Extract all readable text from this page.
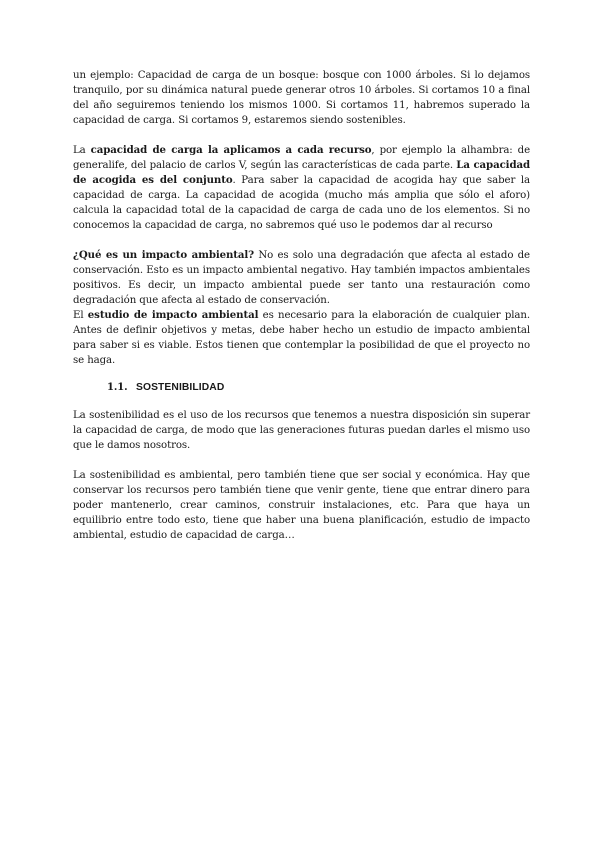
un ejemplo: Capacidad de carga de un bosque: bosque con 1000 árboles. Si lo dejamos tranquilo, por su dinámica natural puede generar otros 10 árboles. Si cortamos 10 a final del año seguiremos teniendo los mismos 1000. Si cortamos 11, habremos superado la capacidad de carga. Si cortamos 9, estaremos siendo sostenibles.

La capacidad de carga la aplicamos a cada recurso, por ejemplo la alhambra: de generalife, del palacio de carlos V, según las características de cada parte. La capacidad de acogida es del conjunto. Para saber la capacidad de acogida hay que saber la capacidad de carga. La capacidad de acogida (mucho más amplia que sólo el aforo) calcula la capacidad total de la capacidad de carga de cada uno de los elementos. Si no conocemos la capacidad de carga, no sabremos qué uso le podemos dar al recurso

¿Qué es un impacto ambiental? No es solo una degradación que afecta al estado de conservación. Esto es un impacto ambiental negativo. Hay también impactos ambientales positivos. Es decir, un impacto ambiental puede ser tanto una restauración como degradación que afecta al estado de conservación.

El estudio de impacto ambiental es necesario para la elaboración de cualquier plan. Antes de definir objetivos y metas, debe haber hecho un estudio de impacto ambiental para saber si es viable. Estos tienen que contemplar la posibilidad de que el proyecto no se haga.

1.1. SOSTENIBILIDAD

La sostenibilidad es el uso de los recursos que tenemos a nuestra disposición sin superar la capacidad de carga, de modo que las generaciones futuras puedan darles el mismo uso que le damos nosotros.

La sostenibilidad es ambiental, pero también tiene que ser social y económica. Hay que conservar los recursos pero también tiene que venir gente, tiene que entrar dinero para poder mantenerlo, crear caminos, construir instalaciones, etc. Para que haya un equilibrio entre todo esto, tiene que haber una buena planificación, estudio de impacto ambiental, estudio de capacidad de carga…
